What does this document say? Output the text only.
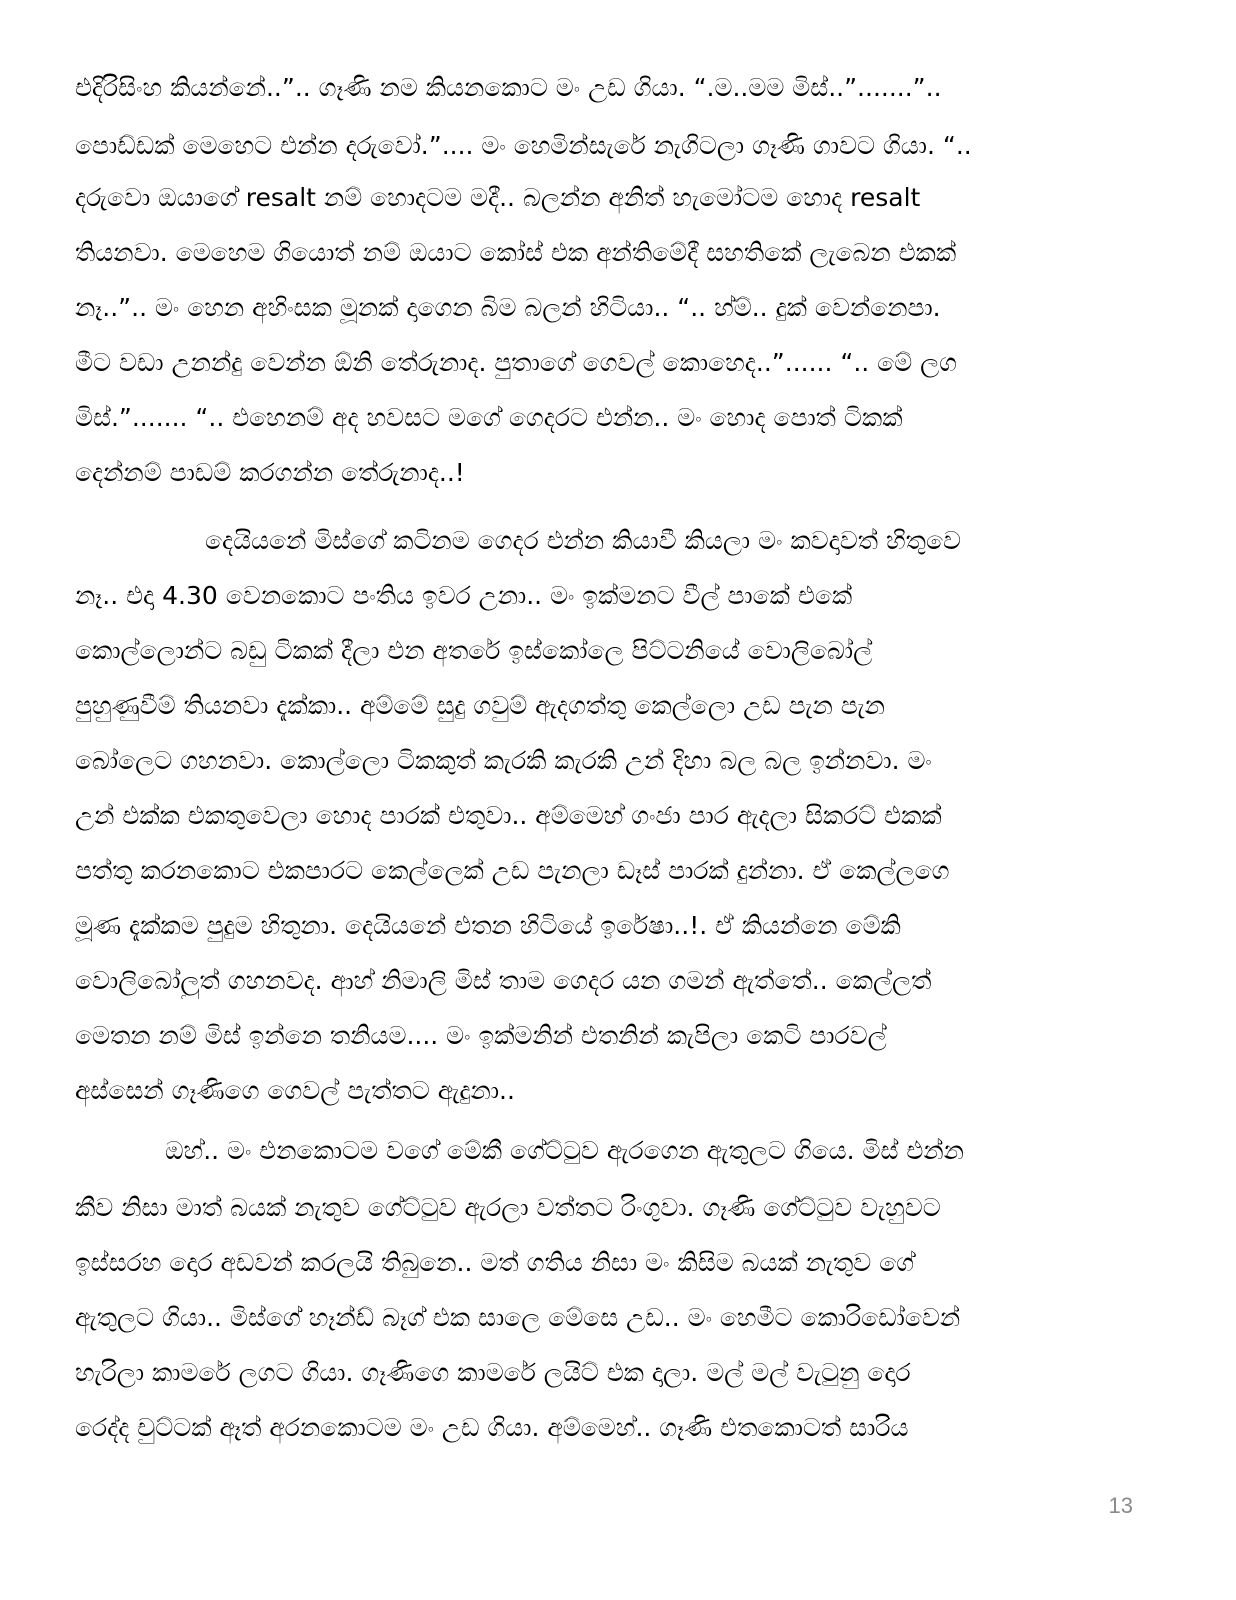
එදිරිසිංහ කියන්නේ..”.. ගෑණි නම කියනකොට මං උඩ ගියා. “.ම..මම මිස්..”.......”..
පොඩ්ඩක් මෙහෙට එන්න දරුවෝ.”.... මං හෙමින්සැරේ නැගිටලා ගෑණි ගාවට ගියා. “..
දරුවො ඔයාගේ resalt නම් හොදටම මදී.. බලන්න අනිත් හැමෝටම හොද resalt
තියනවා. මෙහෙම ගියොත් නම් ඔයාට කෝස් එක අන්තිමේදී සහතිකේ ලැබෙන එකක්
නෑ..”.. මං හෙන අහිංසක මූනක් දාගෙන බිම බලන් හිටියා.. “.. හ්ම්.. දුක් වෙන්නෙපා.
මීට වඩා උනන්දු වෙන්න ඕනි තේරුනාද. පුතාගේ ගෙවල් කොහෙද..”...... “.. මේ ලග
මිස්.”....... “.. එහෙනම් අද හවසට මගේ ගෙදරට එන්න.. මං හොද පොත් ටිකක්
දෙන්නම් පාඩම් කරගන්න තේරුනාද..!
දෙයියනේ මිස්ගේ කටිනම ගෙදර එන්න කියාවී කියලා මං කවදාවත් හිතුවෙ
නෑ.. එදා 4.30 වෙනකොට පංතිය ඉවර උනා.. මං ඉක්මනට වීල් පාකේ එකේ
කොල්ලොන්ට බඩු ටිකක් දීලා එන අතරේ ඉස්කෝලෙ පිට්ටනියේ වොලිබෝල්
පුහුණුවීම් තියනවා දැක්කා.. අම්මේ සුදු ගවුම් ඇදගත්තු කෙල්ලො උඩ පැන පැන
බෝලෙට ගහනවා. කොල්ලො ටිකකුත් කැරකි කැරකි උන් දිහා බල බල ඉන්නවා. මං
උන් එක්ක එකතුවෙලා හොද පාරක් එතුවා.. අම්මෙහ් ගංජා පාර ඇදලා සිකරට් එකක්
පත්තු කරනකොට එකපාරට කෙල්ලෙක් උඩ පැනලා ඩෑස් පාරක් දුන්නා. ඒ කෙල්ලගෙ
මූණ දැක්කම පුදුම හිතුනා. දෙයියනේ එතන හිටියේ ඉරේෂා..!. ඒ කියන්නෙ මේකි
වොලිබෝලුත් ගහනවද. ආහ් නිමාලි මිස් තාම ගෙදර යන ගමන් ඇත්තේ.. කෙල්ලත්
මෙතන නම් මිස් ඉන්නෙ තනියම.... මං ඉක්මනින් එතනින් කැපිලා කෙටි පාරවල්
අස්සෙන් ගෑණිගෙ ගෙවල් පැත්තට ඇදුනා..
ඔහ්.. මං එනකොටම වගේ මේකී ගේට්ටුව ඇරගෙන ඇතුලට ගියෙ. මිස් එන්න
කීව නිසා මාත් බයක් නැතුව ගේට්ටුව ඇරලා වත්තට රිංගුවා. ගෑණි ගේට්ටුව වැහුවට
ඉස්සරහ දොර අඩවන් කරලයි තිබුනෙ.. මත් ගතිය නිසා මං කිසිම බයක් නැතුව ගේ
ඇතුලට ගියා.. මිස්ගේ හෑන්ඩ් බෑග් එක සාලෙ මේසෙ උඩ.. මං හෙමීට කොරිඩෝවෙන්
හැරිලා කාමරේ ලගට ගියා. ගෑණිගෙ කාමරේ ලයිට් එක දාලා. මල් මල් වැටුනු දොර
රෙද්ද චුට්ටක් ඈත් අරනකොටම මං උඩ ගියා. අම්මෙහ්.. ගෑණි එතකොටත් සාරිය
13
